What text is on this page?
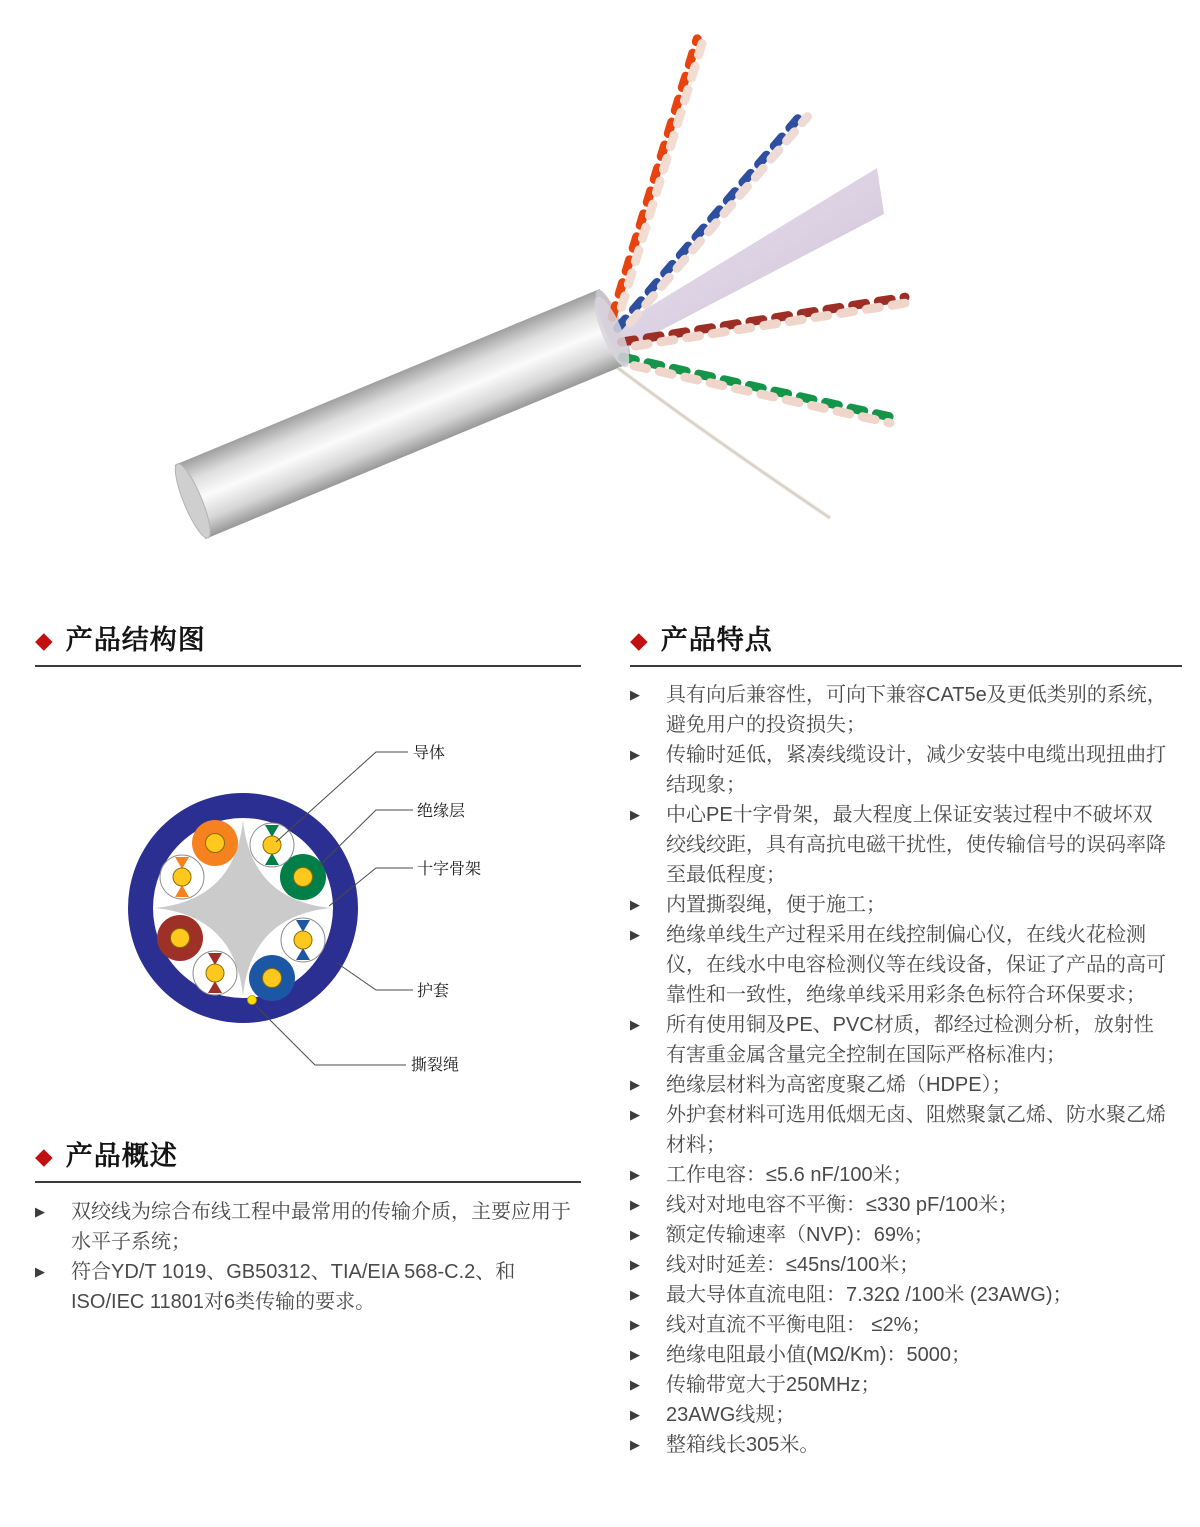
◆ 产品结构图
导体
绝缘层
十字骨架
护套
撕裂绳
◆ 产品概述
▶	双绞线为综合布线工程中最常用的传输介质，主要应用于水平子系统；
▶	符合YD/T 1019、GB50312、TIA/EIA 568-C.2、和ISO/IEC 11801对6类传输的要求。
◆ 产品特点
▶	具有向后兼容性，可向下兼容CAT5e及更低类别的系统，避免用户的投资损失；
▶	传输时延低，紧凑线缆设计，减少安装中电缆出现扭曲打结现象；
▶	中心PE十字骨架，最大程度上保证安装过程中不破坏双绞线绞距，具有高抗电磁干扰性，使传输信号的误码率降至最低程度；
▶	内置撕裂绳，便于施工；
▶	绝缘单线生产过程采用在线控制偏心仪，在线火花检测仪，在线水中电容检测仪等在线设备，保证了产品的高可靠性和一致性，绝缘单线采用彩条色标符合环保要求；
▶	所有使用铜及PE、PVC材质，都经过检测分析，放射性有害重金属含量完全控制在国际严格标准内；
▶	绝缘层材料为高密度聚乙烯（HDPE）；
▶	外护套材料可选用低烟无卤、阻燃聚氯乙烯、防水聚乙烯材料；
▶	工作电容：≤5.6 nF/100米；
▶	线对对地电容不平衡：≤330 pF/100米；
▶	额定传输速率（NVP)：69%；
▶	线对时延差：≤45ns/100米；
▶	最大导体直流电阻：7.32Ω /100米 (23AWG)；
▶	线对直流不平衡电阻： ≤2%；
▶	绝缘电阻最小值(MΩ/Km)：5000；
▶	传输带宽大于250MHz；
▶	23AWG线规；
▶	整箱线长305米。
